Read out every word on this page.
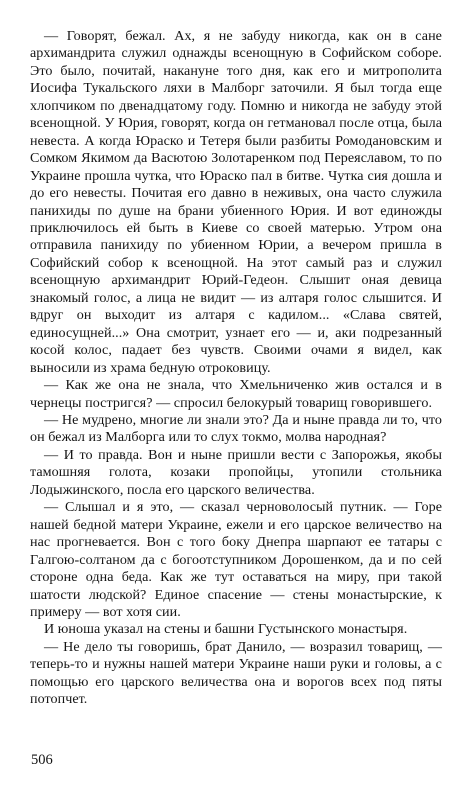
— Говорят, бежал. Ах, я не забуду никогда, как он в сане архимандрита служил однажды всенощную в Софийском соборе. Это было, почитай, накануне того дня, как его и митрополита Иосифа Тукальского ляхи в Малборг заточили. Я был тогда еще хлопчиком по двенадцатому году. Помню и никогда не забуду этой всенощной. У Юрия, говорят, когда он гетмановал после отца, была невеста. А когда Юраско и Тетеря были разбиты Ромодановским и Сомком Якимом да Васютою Золотаренком под Переяславом, то по Украине прошла чутка, что Юраско пал в битве. Чутка сия дошла и до его невесты. Почитая его давно в неживых, она часто служила панихиды по душе на брани убиенного Юрия. И вот единожды приключилось ей быть в Киеве со своей матерью. Утром она отправила панихиду по убиенном Юрии, а вечером пришла в Софийский собор к всенощной. На этот самый раз и служил всенощную архимандрит Юрий-Гедеон. Слышит оная девица знакомый голос, а лица не видит — из алтаря голос слышится. И вдруг он выходит из алтаря с кадилом... «Слава святей, единосущней...» Она смотрит, узнает его — и, аки подрезанный косой колос, падает без чувств. Своими очами я видел, как выносили из храма бедную отроковицу.

— Как же она не знала, что Хмельниченко жив остался и в чернецы постригся? — спросил белокурый товарищ говорившего.

— Не мудрено, многие ли знали это? Да и ныне правда ли то, что он бежал из Малборга или то слух токмо, молва народная?

— И то правда. Вон и ныне пришли вести с Запорожья, якобы тамошняя голота, козаки пропойцы, утопили стольника Лодыжинского, посла его царского величества.

— Слышал и я это, — сказал черноволосый путник. — Горе нашей бедной матери Украине, ежели и его царское величество на нас прогневается. Вон с того боку Днепра шарпают ее татары с Галгою-солтаном да с богоотступником Дорошенком, да и по сей стороне одна беда. Как же тут оставаться на миру, при такой шатости людской? Единое спасение — стены монастырские, к примеру — вот хотя сии.

И юноша указал на стены и башни Густынского монастыря.

— Не дело ты говоришь, брат Данило, — возразил товарищ, — теперь-то и нужны нашей матери Украине наши руки и головы, а с помощью его царского величества она и ворогов всех под пяты потопчет.

506
